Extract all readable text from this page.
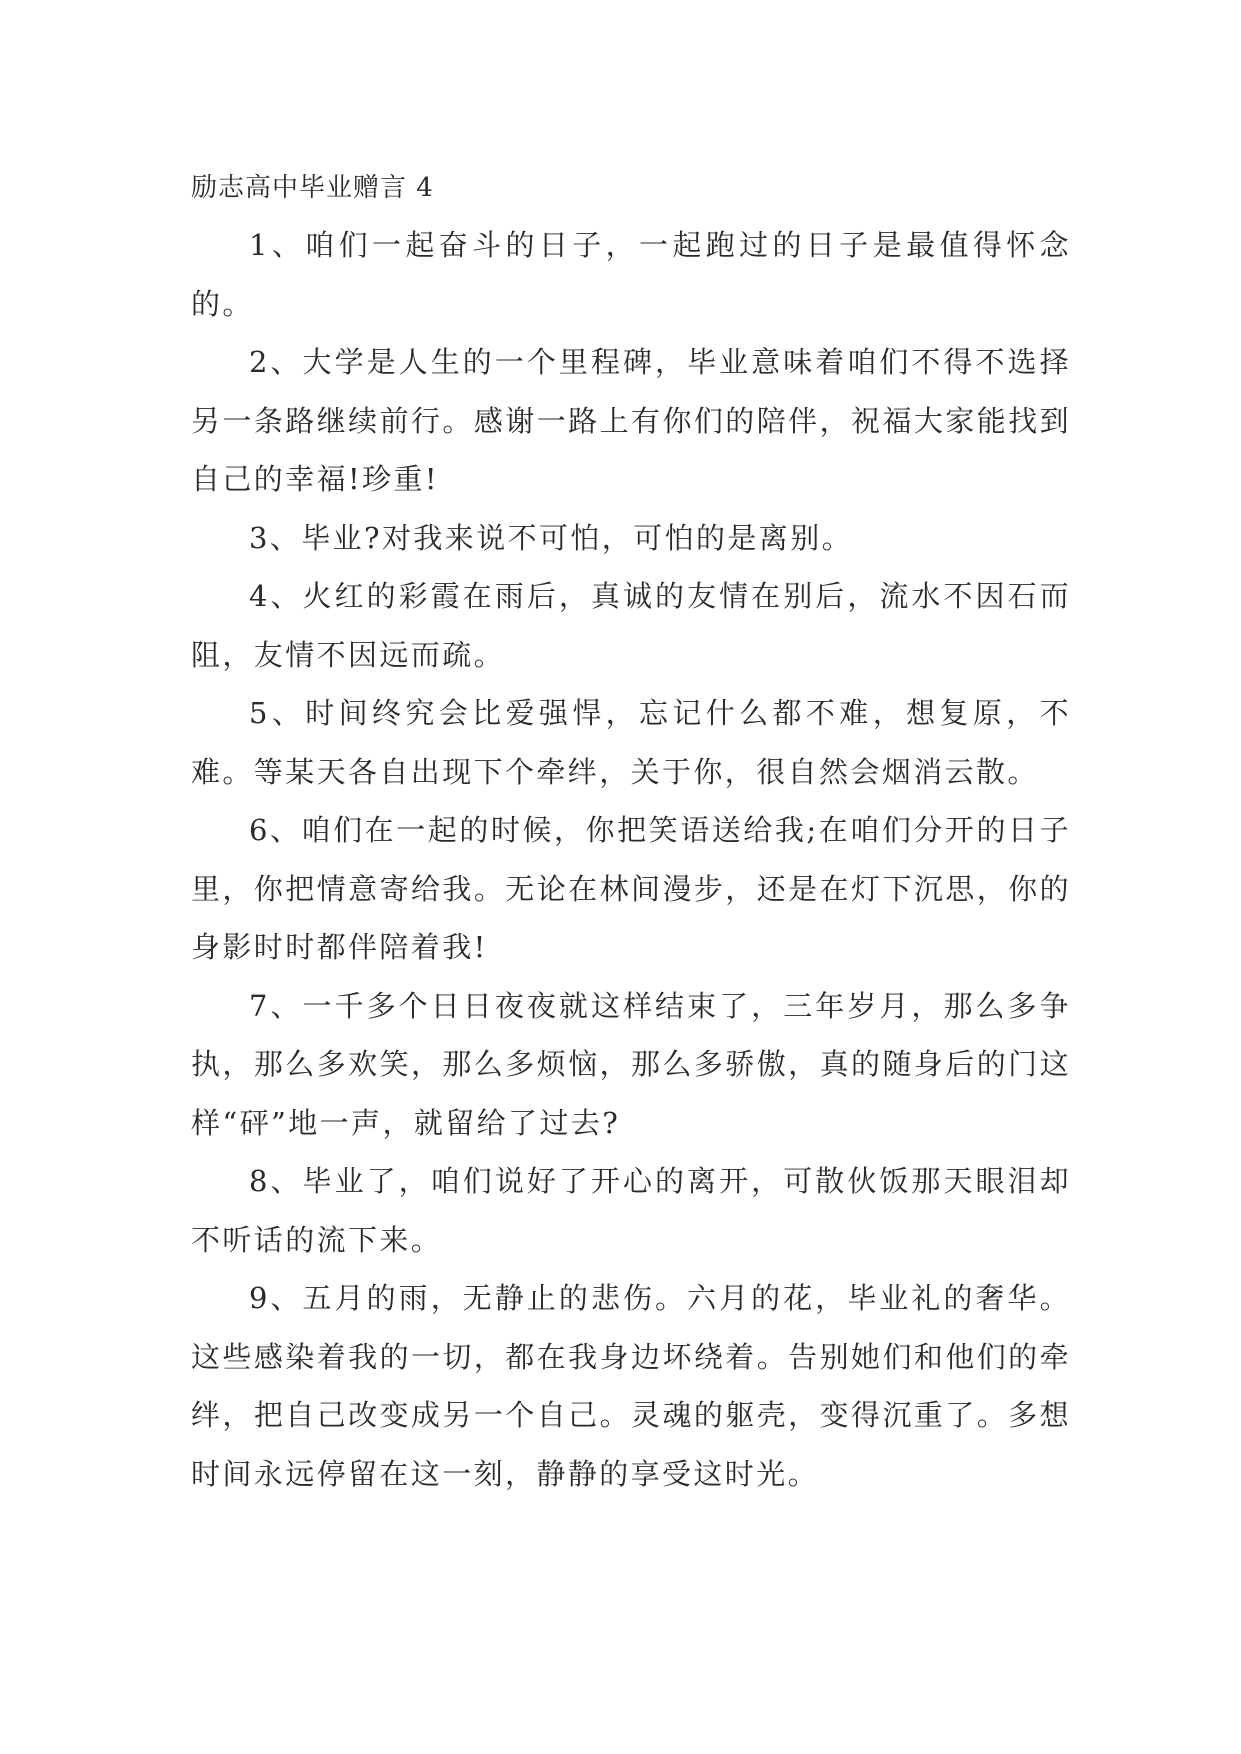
励志高中毕业赠言 4

1、咱们一起奋斗的日子，一起跑过的日子是最值得怀念的。

2、大学是人生的一个里程碑，毕业意味着咱们不得不选择另一条路继续前行。感谢一路上有你们的陪伴，祝福大家能找到自己的幸福!珍重!

3、毕业?对我来说不可怕，可怕的是离别。

4、火红的彩霞在雨后，真诚的友情在别后，流水不因石而阻，友情不因远而疏。

5、时间终究会比爱强悍，忘记什么都不难，想复原，不难。等某天各自出现下个牵绊，关于你，很自然会烟消云散。

6、咱们在一起的时候，你把笑语送给我;在咱们分开的日子里，你把情意寄给我。无论在林间漫步，还是在灯下沉思，你的身影时时都伴陪着我!

7、一千多个日日夜夜就这样结束了，三年岁月，那么多争执，那么多欢笑，那么多烦恼，那么多骄傲，真的随身后的门这样“砰”地一声，就留给了过去?

8、毕业了，咱们说好了开心的离开，可散伙饭那天眼泪却不听话的流下来。

9、五月的雨，无静止的悲伤。六月的花，毕业礼的奢华。这些感染着我的一切，都在我身边坏绕着。告别她们和他们的牵绊，把自己改变成另一个自己。灵魂的躯壳，变得沉重了。多想时间永远停留在这一刻，静静的享受这时光。
